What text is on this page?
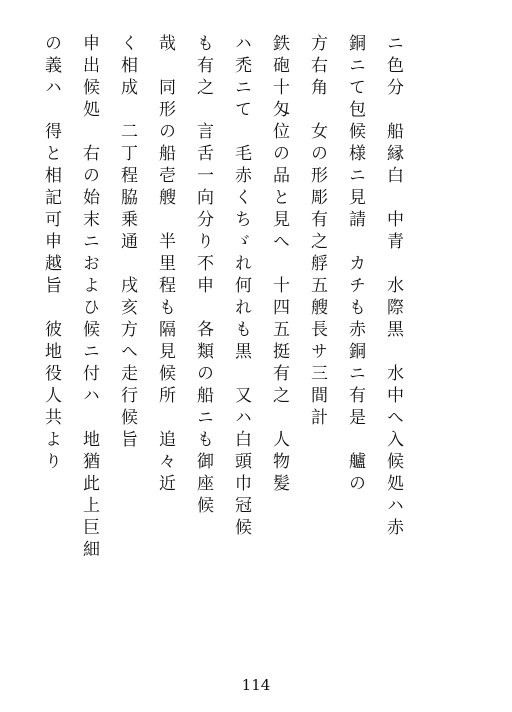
ニ色分　船縁白　中青　水際黒　水中へ入候処ハ赤
銅ニて包候様ニ見請　カチも赤銅ニ有是　艫の
方右角　女の形彫有之艀五艘長サ三間計
鉄砲十匁位の品と見へ　十四五挺有之　人物髪
ハ禿ニて　毛赤くちゞれ何れも黒　又ハ白頭巾冠候
も有之　言舌一向分り不申　各類の船ニも御座候
哉　同形の船壱艘　半里程も隔見候所　追々近
く相成　二丁程脇乗通　戌亥方へ走行候旨
申出候処　右の始末ニおよひ候ニ付ハ　地猶此上巨細
の義ハ　得と相記可申越旨　彼地役人共より
114
